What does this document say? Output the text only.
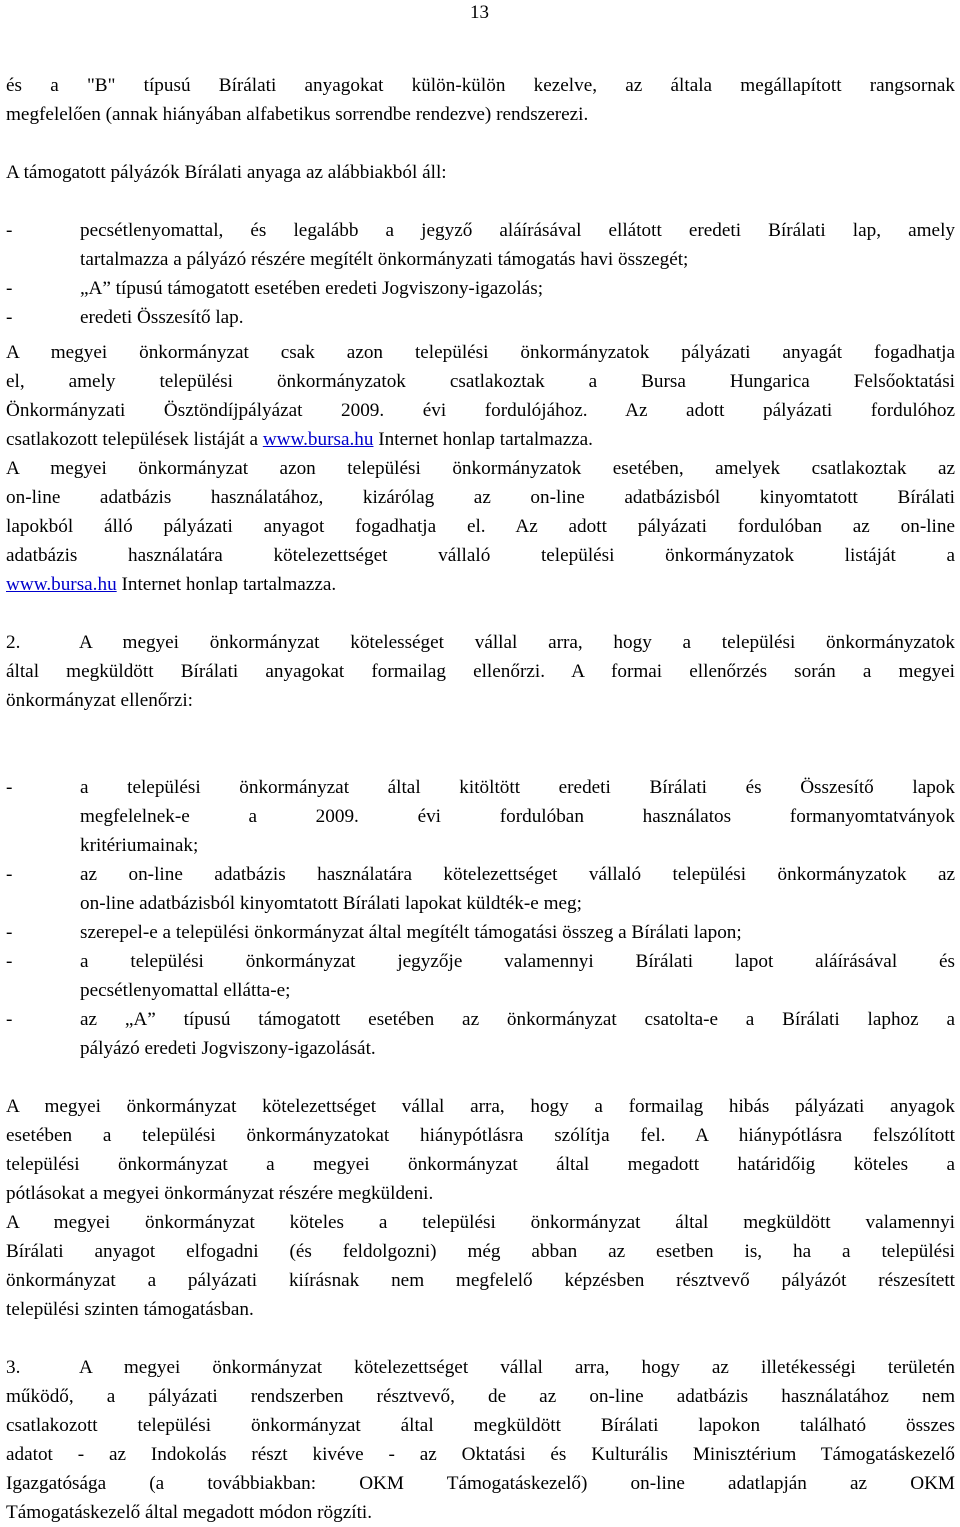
13
és a "B" típusú Bírálati anyagokat külön-külön kezelve, az általa megállapított rangsornak
megfelelően (annak hiányában alfabetikus sorrendbe rendezve) rendszerezi.
A támogatott pályázók Bírálati anyaga az alábbiakból áll:
-	pecsétlenyomattal, és legalább a jegyző aláírásával ellátott eredeti Bírálati lap, amely
tartalmazza a pályázó részére megítélt önkormányzati támogatás havi összegét;
-	„A” típusú támogatott esetében eredeti Jogviszony-igazolás;
-	eredeti Összesítő lap.
A megyei önkormányzat csak azon települési önkormányzatok pályázati anyagát fogadhatja
el, amely települési önkormányzatok csatlakoztak a Bursa Hungarica Felsőoktatási
Önkormányzati Ösztöndíjpályázat 2009. évi fordulójához. Az adott pályázati fordulóhoz
csatlakozott települések listáját a www.bursa.hu Internet honlap tartalmazza.
A megyei önkormányzat azon települési önkormányzatok esetében, amelyek csatlakoztak az
on-line adatbázis használatához, kizárólag az on-line adatbázisból kinyomtatott Bírálati
lapokból álló pályázati anyagot fogadhatja el. Az adott pályázati fordulóban az on-line
adatbázis használatára kötelezettséget vállaló települési önkormányzatok listáját a
www.bursa.hu Internet honlap tartalmazza.
2.	A megyei önkormányzat kötelességet vállal arra, hogy a települési önkormányzatok
által megküldött Bírálati anyagokat formailag ellenőrzi. A formai ellenőrzés során a megyei
önkormányzat ellenőrzi:
-	a települési önkormányzat által kitöltött eredeti Bírálati és Összesítő lapok
megfelelnek-e a 2009. évi fordulóban használatos formanyomtatványok
kritériumainak;
-	az on-line adatbázis használatára kötelezettséget vállaló települési önkormányzatok az
on-line adatbázisból kinyomtatott Bírálati lapokat küldték-e meg;
-	szerepel-e a települési önkormányzat által megítélt támogatási összeg a Bírálati lapon;
-	a települési önkormányzat jegyzője valamennyi Bírálati lapot aláírásával és
pecsétlenyomattal ellátta-e;
-	az „A” típusú támogatott esetében az önkormányzat csatolta-e a Bírálati laphoz a
pályázó eredeti Jogviszony-igazolását.
A megyei önkormányzat kötelezettséget vállal arra, hogy a formailag hibás pályázati anyagok
esetében a települési önkormányzatokat hiánypótlásra szólítja fel. A hiánypótlásra felszólított
települési önkormányzat a megyei önkormányzat által megadott határidőig köteles a
pótlásokat a megyei önkormányzat részére megküldeni.
A megyei önkormányzat köteles a települési önkormányzat által megküldött valamennyi
Bírálati anyagot elfogadni (és feldolgozni) még abban az esetben is, ha a települési
önkormányzat a pályázati kiírásnak nem megfelelő képzésben résztvevő pályázót részesített
települési szinten támogatásban.
3.	A megyei önkormányzat kötelezettséget vállal arra, hogy az illetékességi területén
működő, a pályázati rendszerben résztvevő, de az on-line adatbázis használatához nem
csatlakozott települési önkormányzat által megküldött Bírálati lapokon található összes
adatot - az Indokolás részt kivéve - az Oktatási és Kulturális Minisztérium Támogatáskezelő
Igazgatósága (a továbbiakban: OKM Támogatáskezelő) on-line adatlapján az OKM
Támogatáskezelő által megadott módon rögzíti.
